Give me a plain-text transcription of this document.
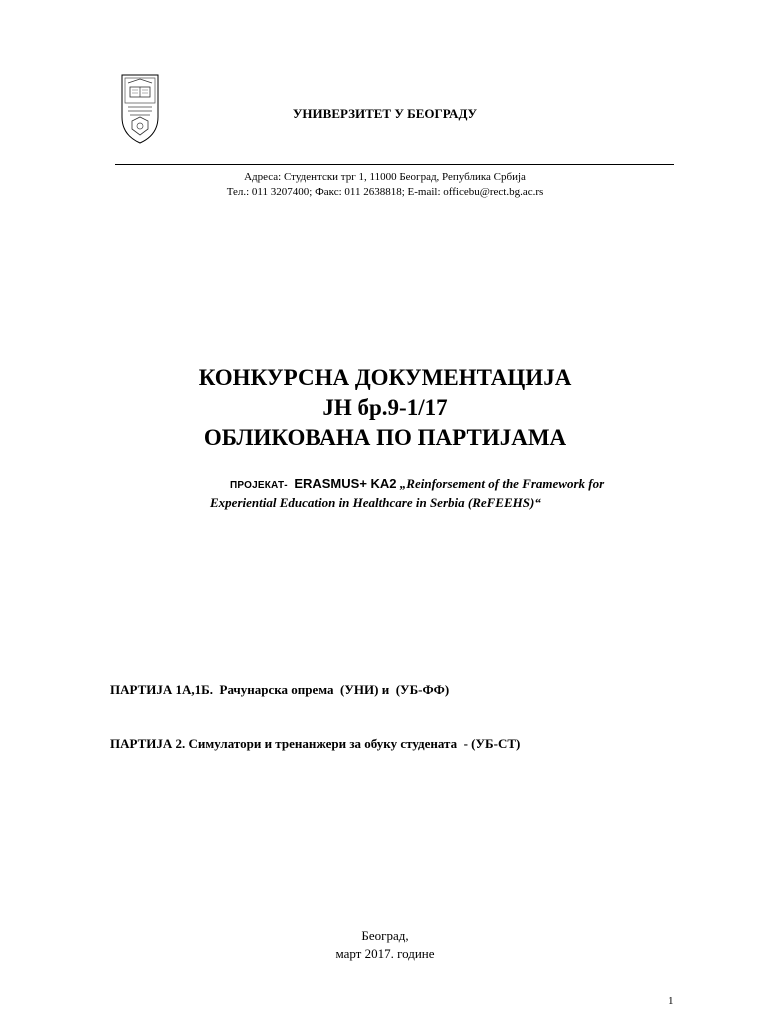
УНИВЕРЗИТЕТ У БЕОГРАДУ
Адреса: Студентски трг 1, 11000 Београд, Република Србија
Тел.: 011 3207400; Факс: 011 2638818; E-mail: officebu@rect.bg.ac.rs
КОНКУРСНА ДОКУМЕНТАЦИЈА
ЈН бр.9-1/17
ОБЛИКОВАНА ПО ПАРТИЈАМА
ПРОЈЕКАТ- ERASMUS+ KA2 „Reinforsement of the Framework for
Experiential Education in Healthcare in Serbia (ReFEEHS)“
ПАРТИЈА 1А,1Б.  Рачунарска опрема  (УНИ) и  (УБ-ФФ)
ПАРТИЈА 2. Симулатори и тренанжери за обуку студената  - (УБ-СТ)
Београд,
март 2017. године
1
